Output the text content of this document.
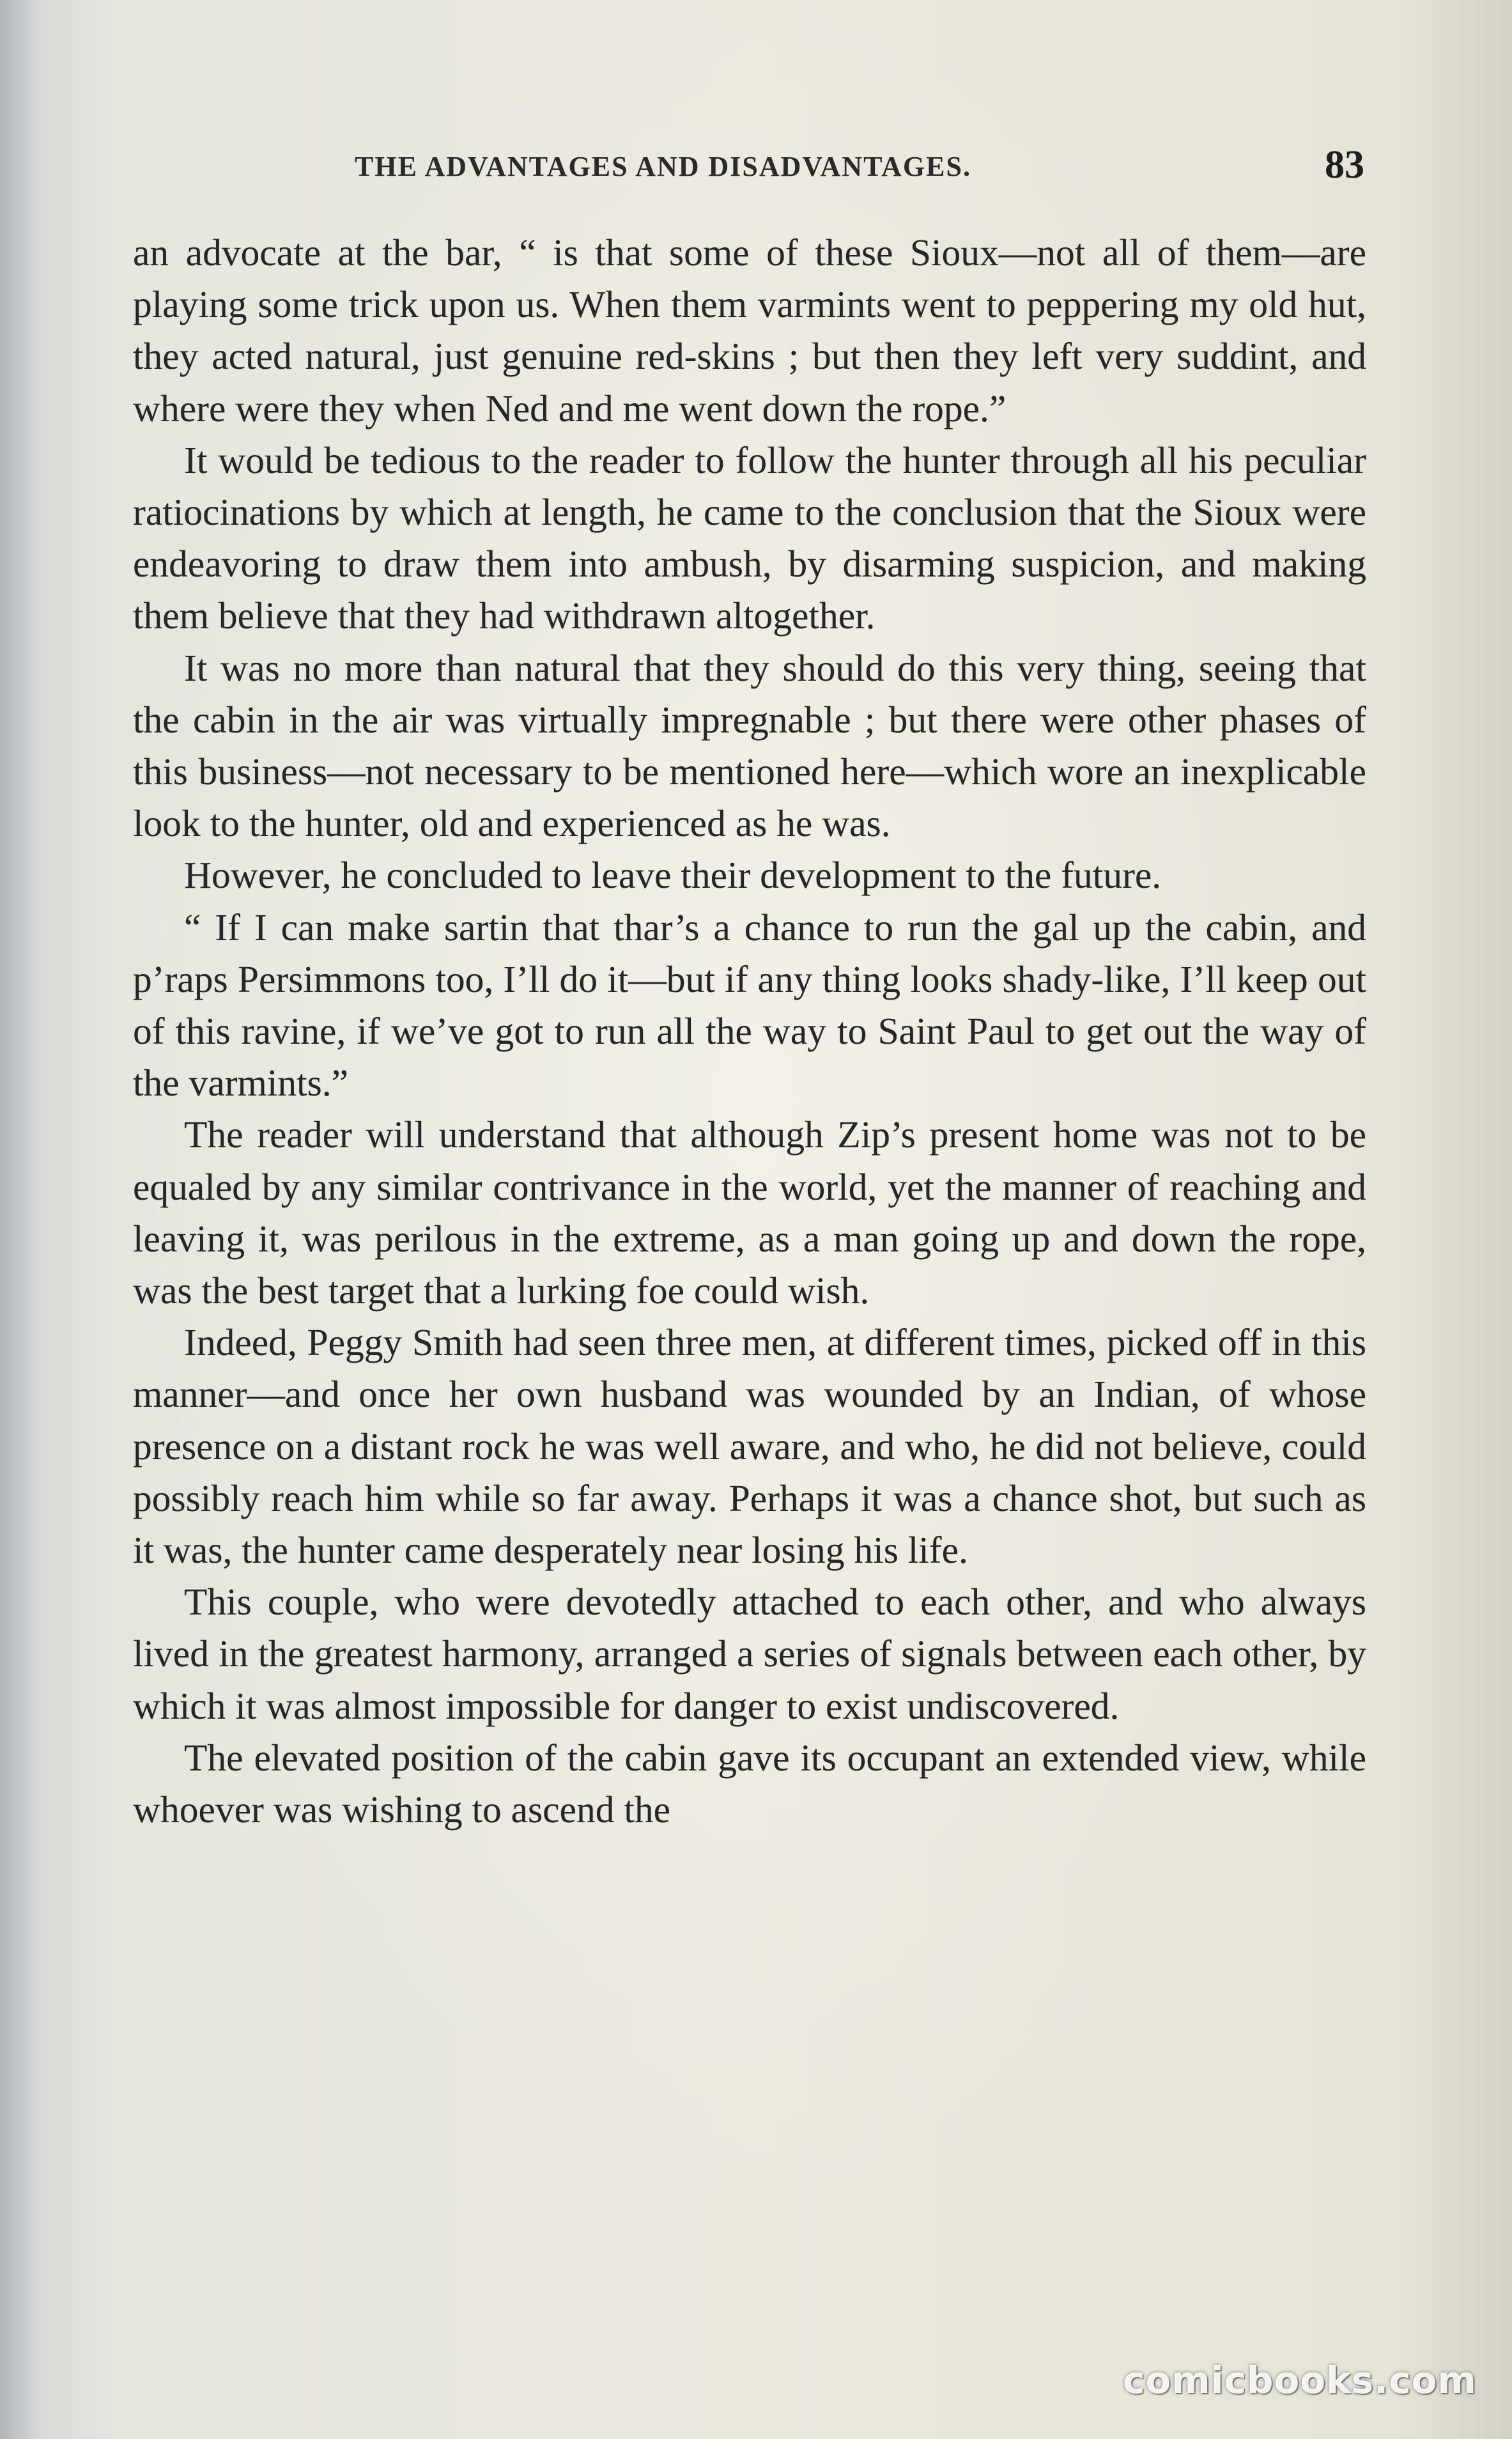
THE ADVANTAGES AND DISADVANTAGES.	83

an advocate at the bar, “ is that some of these Sioux—not all of them—are playing some trick upon us. When them varmints went to peppering my old hut, they acted natural, just genuine red-skins ; but then they left very suddint, and where were they when Ned and me went down the rope.”

It would be tedious to the reader to follow the hunter through all his peculiar ratiocinations by which at length, he came to the conclusion that the Sioux were endeavoring to draw them into ambush, by disarming suspicion, and making them believe that they had withdrawn altogether.

It was no more than natural that they should do this very thing, seeing that the cabin in the air was virtually impregnable ; but there were other phases of this business—not necessary to be mentioned here—which wore an inexplicable look to the hunter, old and experienced as he was.

However, he concluded to leave their development to the future.

“ If I can make sartin that thar’s a chance to run the gal up the cabin, and p’raps Persimmons too, I’ll do it—but if any thing looks shady-like, I’ll keep out of this ravine, if we’ve got to run all the way to Saint Paul to get out the way of the varmints.”

The reader will understand that although Zip’s present home was not to be equaled by any similar contrivance in the world, yet the manner of reaching and leaving it, was perilous in the extreme, as a man going up and down the rope, was the best target that a lurking foe could wish.

Indeed, Peggy Smith had seen three men, at different times, picked off in this manner—and once her own husband was wounded by an Indian, of whose presence on a distant rock he was well aware, and who, he did not believe, could possibly reach him while so far away. Perhaps it was a chance shot, but such as it was, the hunter came desperately near losing his life.

This couple, who were devotedly attached to each other, and who always lived in the greatest harmony, arranged a series of signals between each other, by which it was almost impossible for danger to exist undiscovered.

The elevated position of the cabin gave its occupant an extended view, while whoever was wishing to ascend the

comicbooks.com
